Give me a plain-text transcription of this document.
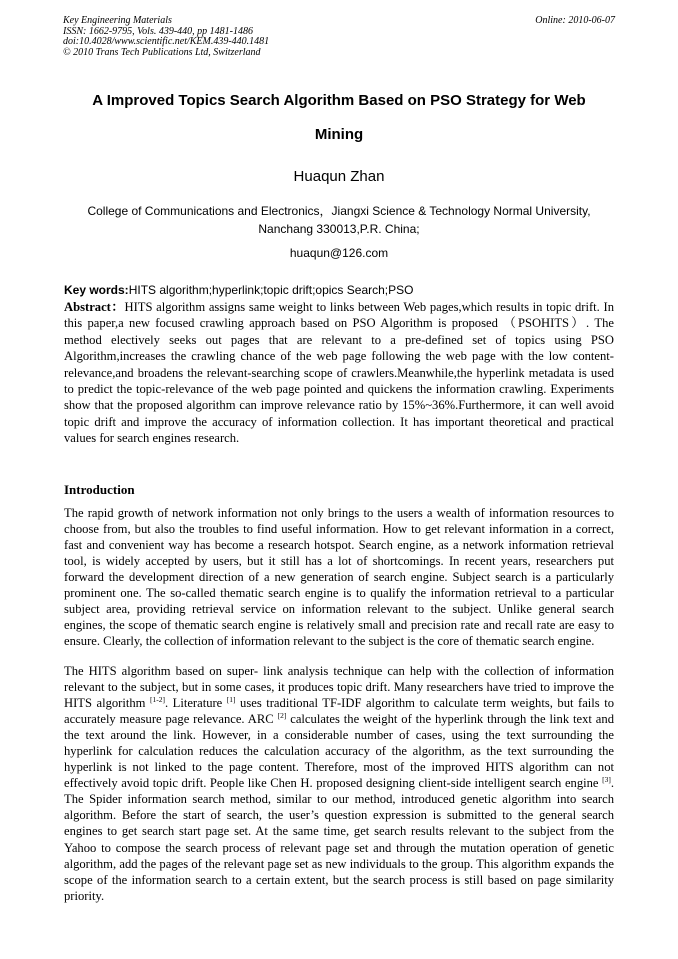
Key Engineering Materials
ISSN: 1662-9795, Vols. 439-440, pp 1481-1486
doi:10.4028/www.scientific.net/KEM.439-440.1481
© 2010 Trans Tech Publications Ltd, Switzerland
Online: 2010-06-07
A Improved Topics Search Algorithm Based on PSO Strategy for Web
Mining
Huaqun Zhan
College of Communications and Electronics，Jiangxi Science & Technology Normal University,
Nanchang 330013,P.R. China;
huaqun@126.com
Key words:HITS algorithm;hyperlink;topic drift;opics Search;PSO
Abstract：HITS algorithm assigns same weight to links between Web pages,which results in topic drift. In this paper,a new focused crawling approach based on PSO Algorithm is proposed （PSOHITS）. The method electively seeks out pages that are relevant to a pre-defined set of topics using PSO Algorithm,increases the crawling chance of the web page following the web page with the low content-relevance,and broadens the relevant-searching scope of crawlers.Meanwhile,the hyperlink metadata is used to predict the topic-relevance of the web page pointed and quickens the information crawling. Experiments show that the proposed algorithm can improve relevance ratio by 15%~36%.Furthermore, it can well avoid topic drift and improve the accuracy of information collection. It has important theoretical and practical values for search engines research.
Introduction
The rapid growth of network information not only brings to the users a wealth of information resources to choose from, but also the troubles to find useful information. How to get relevant information in a correct, fast and convenient way has become a research hotspot. Search engine, as a network information retrieval tool, is widely accepted by users, but it still has a lot of shortcomings. In recent years, researchers put forward the development direction of a new generation of search engine. Subject search is a particularly prominent one. The so-called thematic search engine is to qualify the information retrieval to a particular subject area, providing retrieval service on information relevant to the subject. Unlike general search engines, the scope of thematic search engine is relatively small and precision rate and recall rate are easy to ensure. Clearly, the collection of information relevant to the subject is the core of thematic search engine.
The HITS algorithm based on super- link analysis technique can help with the collection of information relevant to the subject, but in some cases, it produces topic drift. Many researchers have tried to improve the HITS algorithm [1-2]. Literature [1] uses traditional TF-IDF algorithm to calculate term weights, but fails to accurately measure page relevance. ARC [2] calculates the weight of the hyperlink through the link text and the text around the link. However, in a considerable number of cases, using the text surrounding the hyperlink for calculation reduces the calculation accuracy of the algorithm, as the text surrounding the hyperlink is not linked to the page content. Therefore, most of the improved HITS algorithm can not effectively avoid topic drift. People like Chen H. proposed designing client-side intelligent search engine [3]. The Spider information search method, similar to our method, introduced genetic algorithm into search algorithm. Before the start of search, the user’s question expression is submitted to the general search engines to get search start page set. At the same time, get search results relevant to the subject from the Yahoo to compose the search process of relevant page set and through the mutation operation of genetic algorithm, add the pages of the relevant page set as new individuals to the group. This algorithm expands the scope of the information search to a certain extent, but the search process is still based on page similarity priority.
